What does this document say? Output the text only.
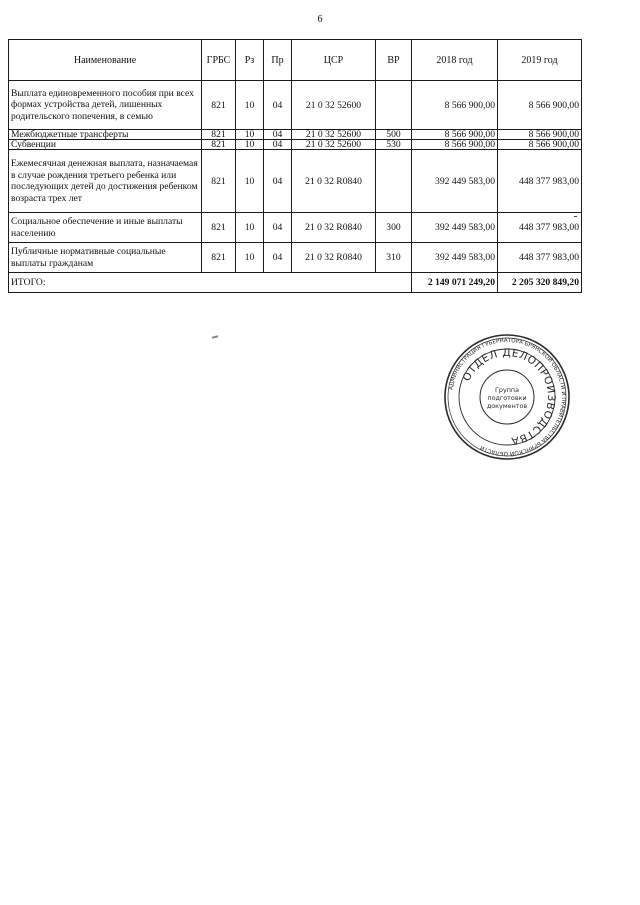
6
Наименование	ГРБС	Рз	Пр	ЦСР	ВР	2018 год	2019 год
Выплата единовременного пособия при всех формах устройства детей, лишенных родительского попечения, в семью	821	10	04	21 0 32 52600		8 566 900,00	8 566 900,00
Межбюджетные трансферты	821	10	04	21 0 32 52600	500	8 566 900,00	8 566 900,00
Субвенции	821	10	04	21 0 32 52600	530	8 566 900,00	8 566 900,00
Ежемесячная денежная выплата, назначаемая в случае рождения третьего ребенка или последующих детей до достижения ребенком возраста трех лет	821	10	04	21 0 32 R0840		392 449 583,00	448 377 983,00
Социальное обеспечение и иные выплаты населению	821	10	04	21 0 32 R0840	300	392 449 583,00	448 377 983,00
Публичные нормативные социальные выплаты гражданам	821	10	04	21 0 32 R0840	310	392 449 583,00	448 377 983,00
ИТОГО:						2 149 071 249,20	2 205 320 849,20
АДМИНИСТРАЦИЯ ГУБЕРНАТОРА БРЯНСКОЙ ОБЛАСТИ И ПРАВИТЕЛЬСТВА БРЯНСКОЙ ОБЛАСТИ
ОТДЕЛ ДЕЛОПРОИЗВОДСТВА
Группа
подготовки
документов
